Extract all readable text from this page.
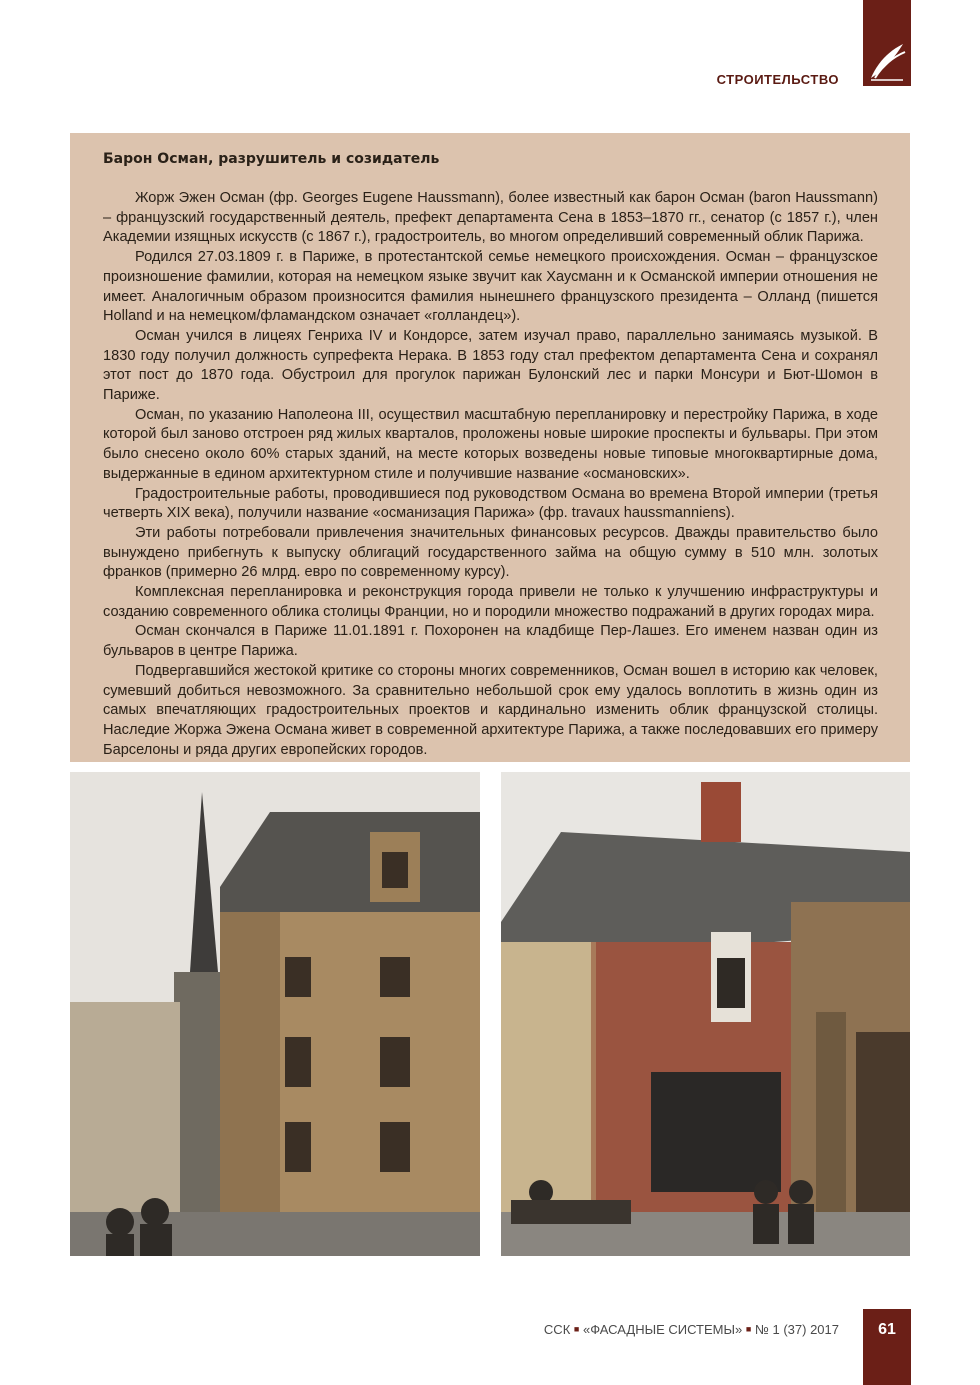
СТРОИТЕЛЬСТВО
Барон Осман, разрушитель и созидатель

Жорж Эжен Осман (фр. Georges Eugene Haussmann), более известный как барон Осман (baron Haussmann) – французский государственный деятель, префект департамента Сена в 1853–1870 гг., сенатор (с 1857 г.), член Академии изящных искусств (с 1867 г.), градостроитель, во многом определивший современный облик Парижа.

Родился 27.03.1809 г. в Париже, в протестантской семье немецкого происхождения. Осман – французское произношение фамилии, которая на немецком языке звучит как Хаусманн и к Османской империи отношения не имеет. Аналогичным образом произносится фамилия нынешнего французского президента – Олланд (пишется Holland и на немецком/фламандском означает «голландец»).

Осман учился в лицеях Генриха IV и Кондорсе, затем изучал право, параллельно занимаясь музыкой. В 1830 году получил должность супрефекта Нерака. В 1853 году стал префектом департамента Сена и сохранял этот пост до 1870 года. Обустроил для прогулок парижан Булонский лес и парки Монсури и Бют-Шомон в Париже.

Осман, по указанию Наполеона III, осуществил масштабную перепланировку и перестройку Парижа, в ходе которой был заново отстроен ряд жилых кварталов, проложены новые широкие проспекты и бульвары. При этом было снесено около 60% старых зданий, на месте которых возведены новые типовые многоквартирные дома, выдержанные в едином архитектурном стиле и получившие название «османовских».

Градостроительные работы, проводившиеся под руководством Османа во времена Второй империи (третья четверть XIX века), получили название «османизация Парижа» (фр. travaux haussmanniens).

Эти работы потребовали привлечения значительных финансовых ресурсов. Дважды правительство было вынуждено прибегнуть к выпуску облигаций государственного займа на общую сумму в 510 млн. золотых франков (примерно 26 млрд. евро по современному курсу).

Комплексная перепланировка и реконструкция города привели не только к улучшению инфраструктуры и созданию современного облика столицы Франции, но и породили множество подражаний в других городах мира.

Осман скончался в Париже 11.01.1891 г. Похоронен на кладбище Пер-Лашез. Его именем назван один из бульваров в центре Парижа.

Подвергавшийся жестокой критике со стороны многих современников, Осман вошел в историю как человек, сумевший добиться невозможного. За сравнительно небольшой срок ему удалось воплотить в жизнь один из самых впечатляющих градостроительных проектов и кардинально изменить облик французской столицы. Наследие Жоржа Эжена Османа живет в современной архитектуре Парижа, а также последовавших его примеру Барселоны и ряда других европейских городов.

ССК ■ «ФАСАДНЫЕ СИСТЕМЫ» ■ № 1 (37) 2017	61
